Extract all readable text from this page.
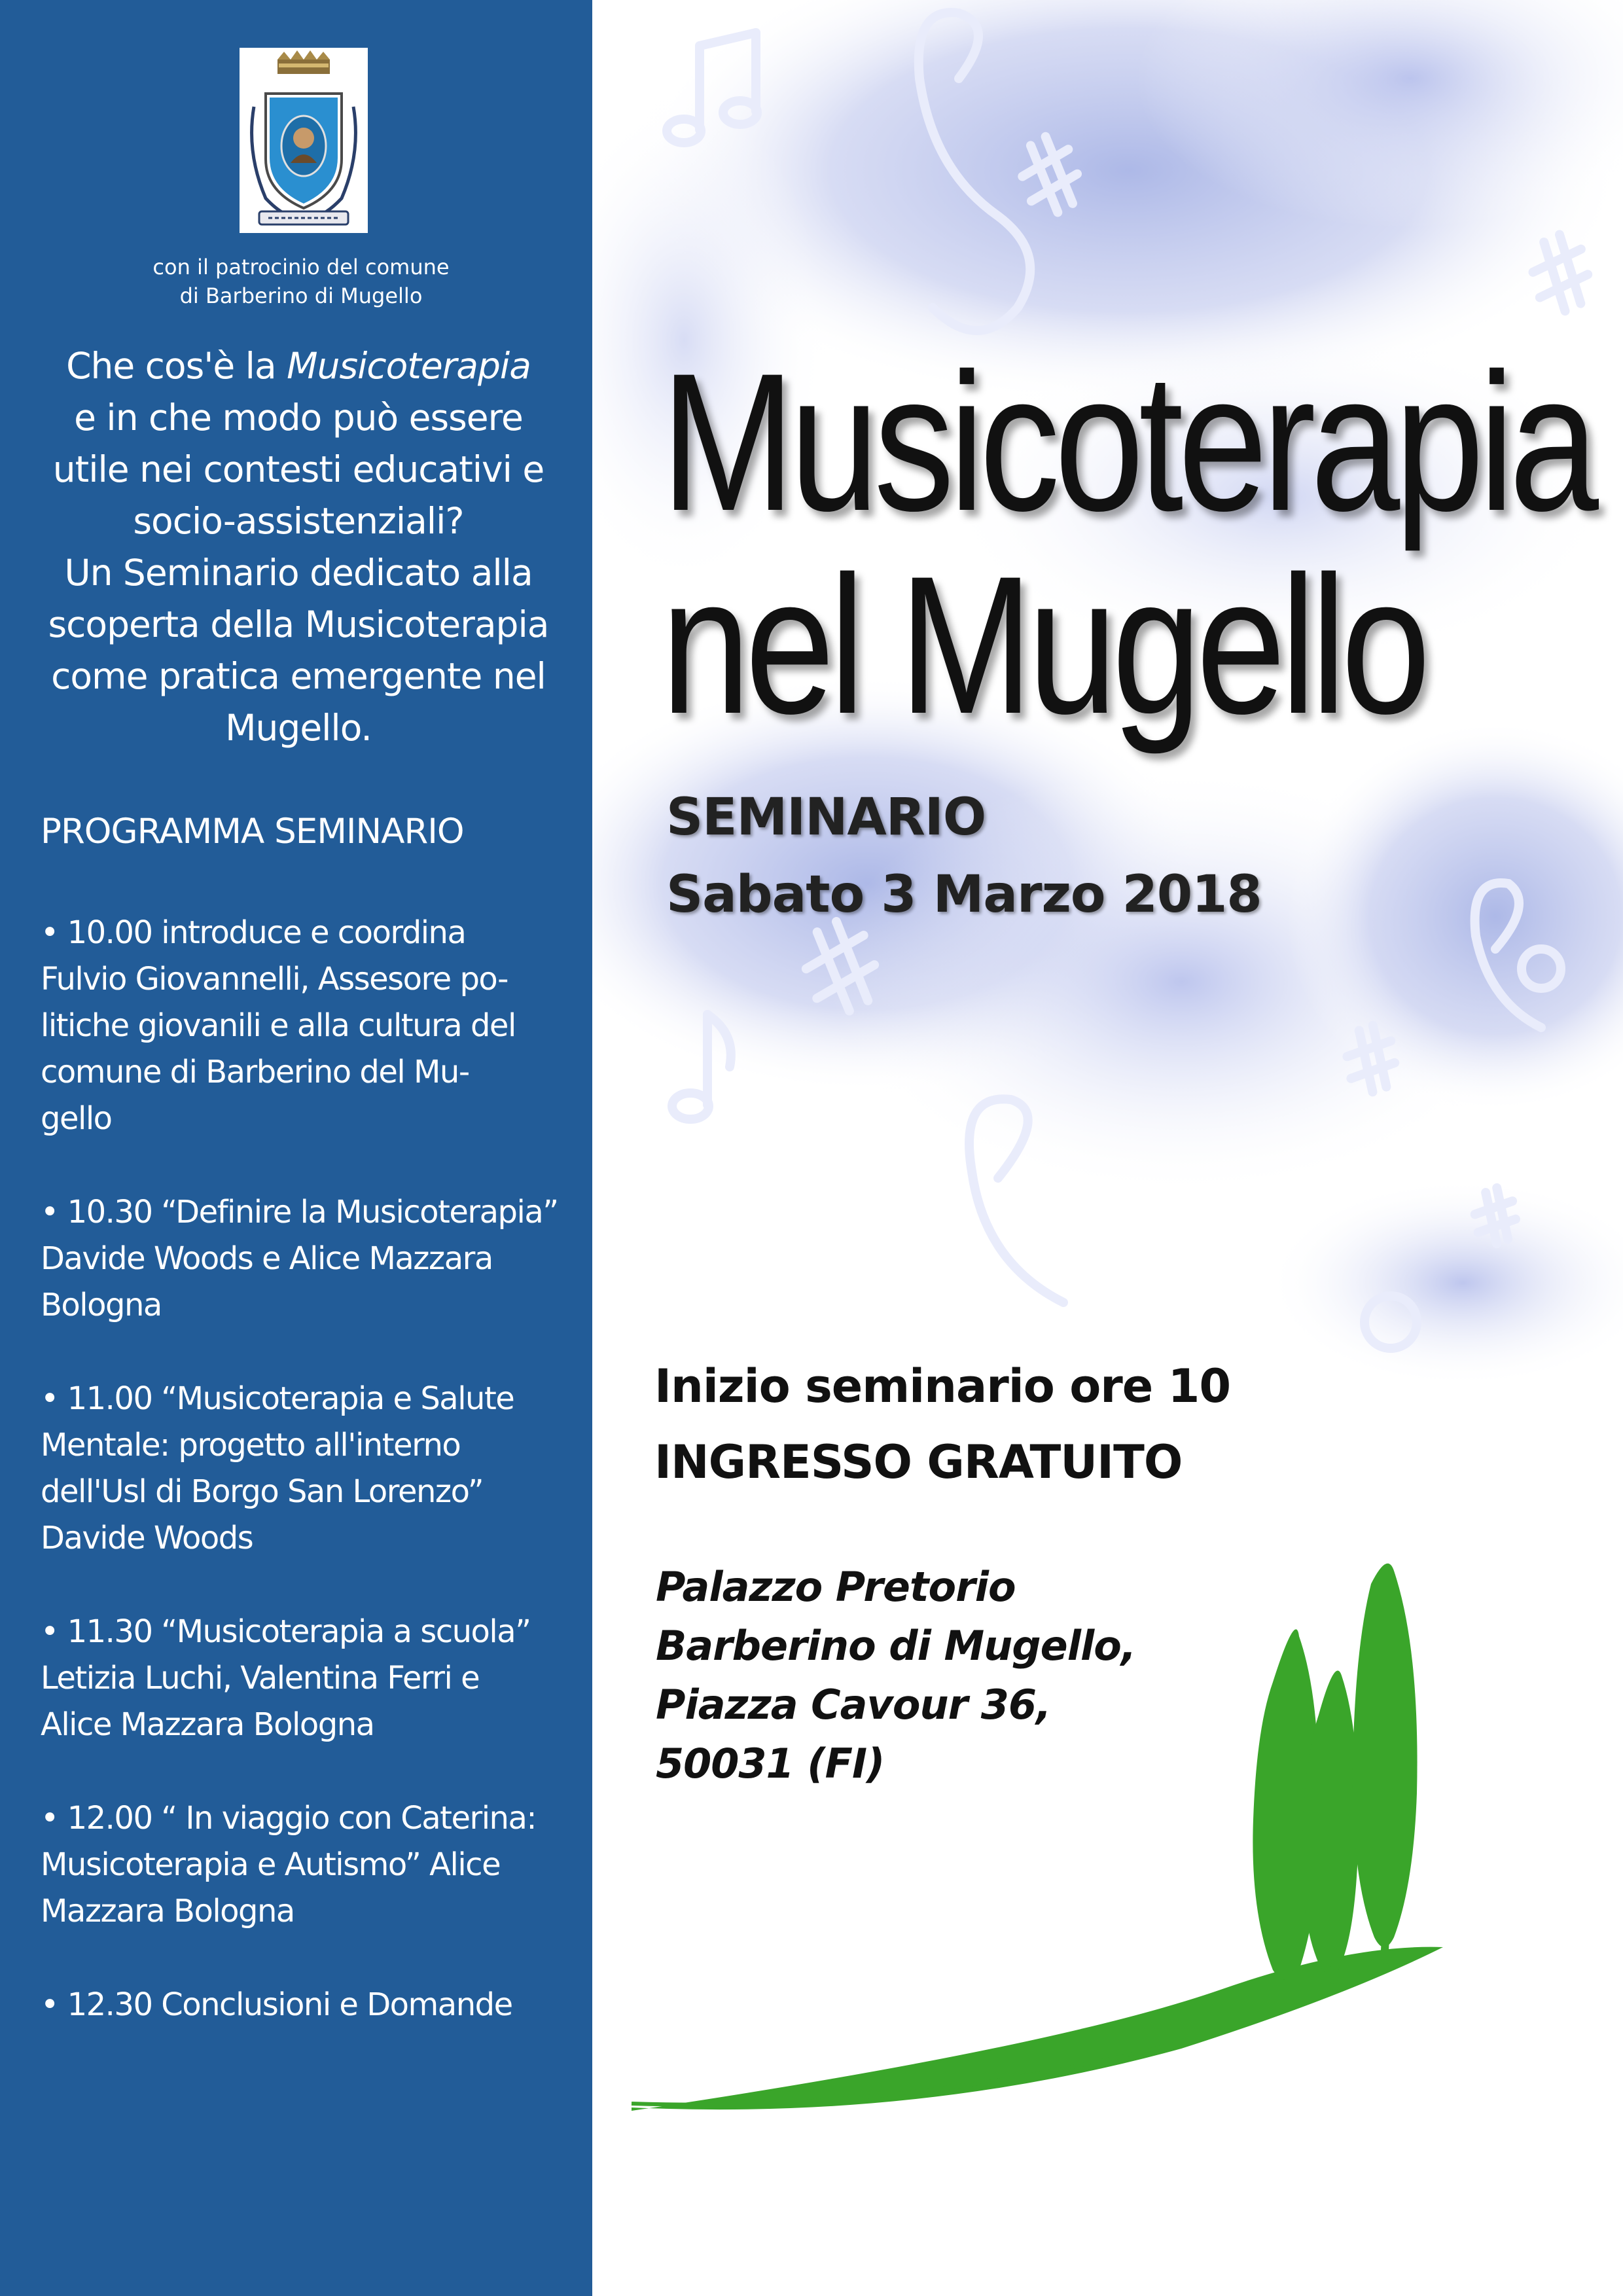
con il patrocinio del comune
di Barberino di Mugello
Che cos'è la Musicoterapia
e in che modo può essere
utile nei contesti educativi e
socio-assistenziali?
Un Seminario dedicato alla
scoperta della Musicoterapia
come pratica emergente nel
Mugello.
PROGRAMMA SEMINARIO
• 10.00 introduce e coordina
Fulvio Giovannelli, Assesore po-
litiche giovanili e alla cultura del
comune di Barberino del Mu-
gello
• 10.30 “Definire la Musicoterapia”
Davide Woods e Alice Mazzara
Bologna
• 11.00 “Musicoterapia e Salute
Mentale: progetto all'interno
dell'Usl di Borgo San Lorenzo”
Davide Woods
• 11.30 “Musicoterapia a scuola”
Letizia Luchi, Valentina Ferri e
Alice Mazzara Bologna
• 12.00 “ In viaggio con Caterina:
Musicoterapia e Autismo” Alice
Mazzara Bologna
• 12.30 Conclusioni e Domande
Musicoterapia
nel Mugello
SEMINARIO
Sabato 3 Marzo 2018
Inizio seminario ore 10
INGRESSO GRATUITO
Palazzo Pretorio
Barberino di Mugello,
Piazza Cavour 36,
50031 (FI)
